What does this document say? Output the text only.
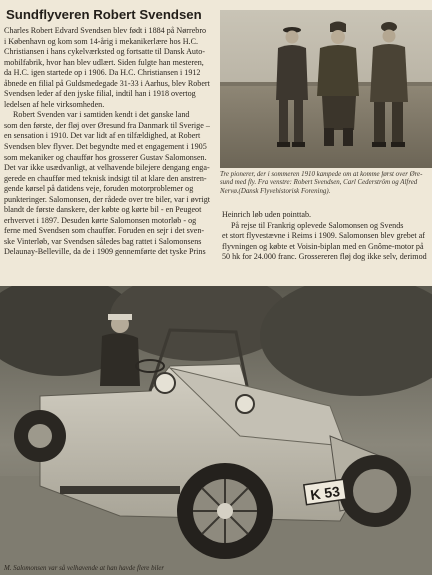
Sundflyveren Robert Svendsen

Charles Robert Edvard Svendsen blev født i 1884 på Nørrebro

i København og kom som 14-årig i mekanikerlære hos H.C.

Christiansen i hans cykelværksted og fortsatte til Dansk Auto-

mobilfabrik, hvor han blev udlært. Siden fulgte han mesteren,

da H.C. igen startede op i 1906. Da H.C. Christiansen i 1912

åbnede en filial på Guldsmedegade 31-33 i Aarhus, blev Robert

Svendsen leder af den jyske filial, indtil han i 1918 overtog

ledelsen af hele virksomheden.

Robert Svenden var i samtiden kendt i det ganske land

som den første, der fløj over Øresund fra Danmark til Sverige –

en sensation i 1910. Det var lidt af en tilfældighed, at Robert

Svendsen blev flyver. Det begyndte med et engagement i 1905

som mekaniker og chauffør hos grosserer Gustav Salomonsen.

Det var ikke usædvanligt, at velhavende bilejere dengang enga-

gerede en chauffør med teknisk indsigt til at klare den anstren-

gende kørsel på datidens veje, foruden motorproblemer og

punkteringer. Salomonsen, der rådede over tre biler, var i øvrigt

blandt de første danskere, der købte og kørte bil - en Peugeot

erhvervet i 1897. Desuden kørte Salomonsen motorløb - og

ferne med Svendsen som chauffør. Foruden en sejr i det sven-

ske Vinterløb, var Svendsen således bag rattet i Salomonsens

Delaunay-Belleville, da de i 1909 gennemførte det tyske Prins

Tre pionerer, der i sommeren 1910 kampede om at komme først over Øre-
sund med fly. Fra venstre: Robert Svendsen, Carl Cederström og Alfred
Nervø.(Dansk Flyvehistorisk Forening).

Heinrich løb uden pointtab.

På rejse til Frankrig oplevede Salomonsen og Svends

et stort flyvestævne i Reims i 1909. Salomonsen blev grebet af

flyvningen og købte et Voisin-biplan med en Gnôme-motor på

50 hk for 24.000 franc. Grossereren fløj dog ikke selv, derimod

K 53
M. Salomonsen var så velhavende at han havde flere biler
